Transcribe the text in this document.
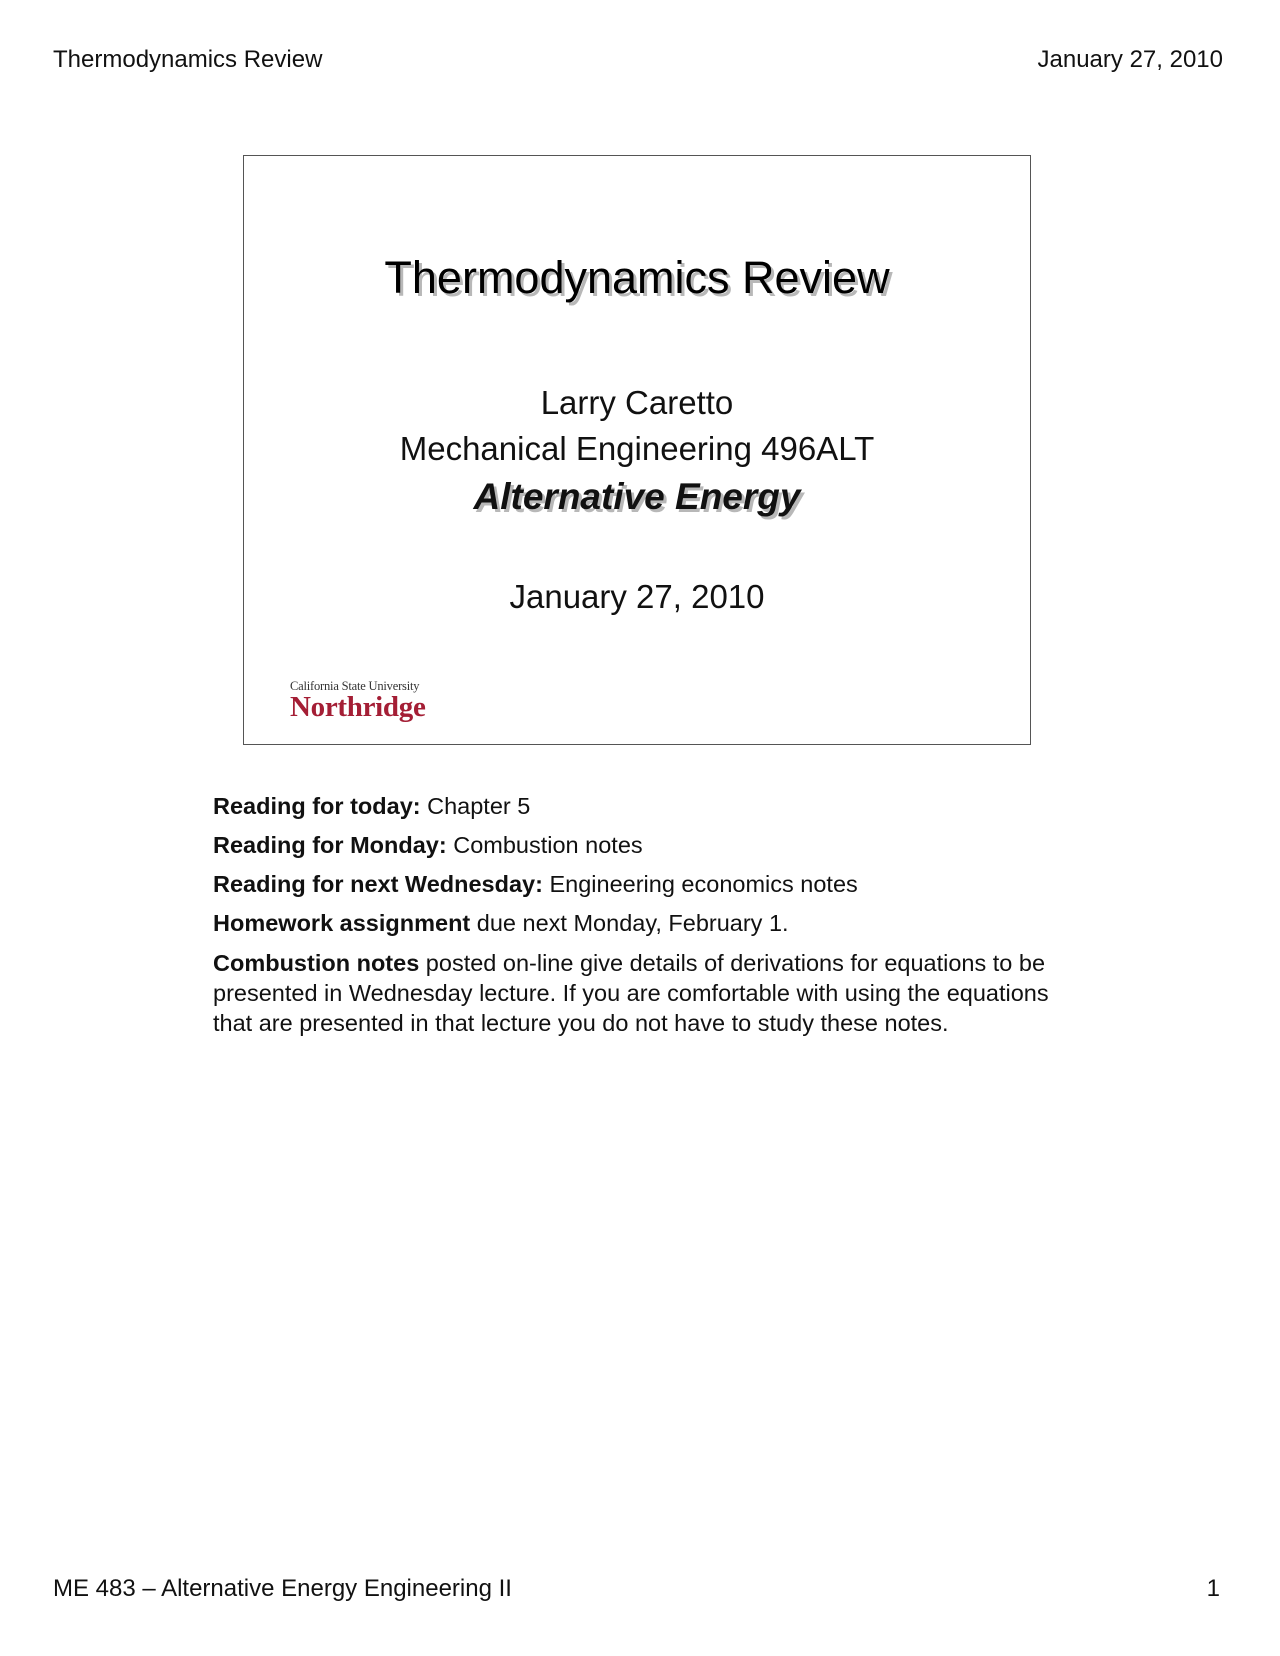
Thermodynamics Review	January 27, 2010
Thermodynamics Review
Larry Caretto
Mechanical Engineering 496ALT
Alternative Energy
January 27, 2010
California State University
Northridge

Reading for today: Chapter 5

Reading for Monday: Combustion notes

Reading for next Wednesday: Engineering economics notes

Homework assignment due next Monday, February 1.

Combustion notes posted on-line give details of derivations for equations to be presented in Wednesday lecture. If you are comfortable with using the equations that are presented in that lecture you do not have to study these notes.

ME 483 – Alternative Energy Engineering II	1
